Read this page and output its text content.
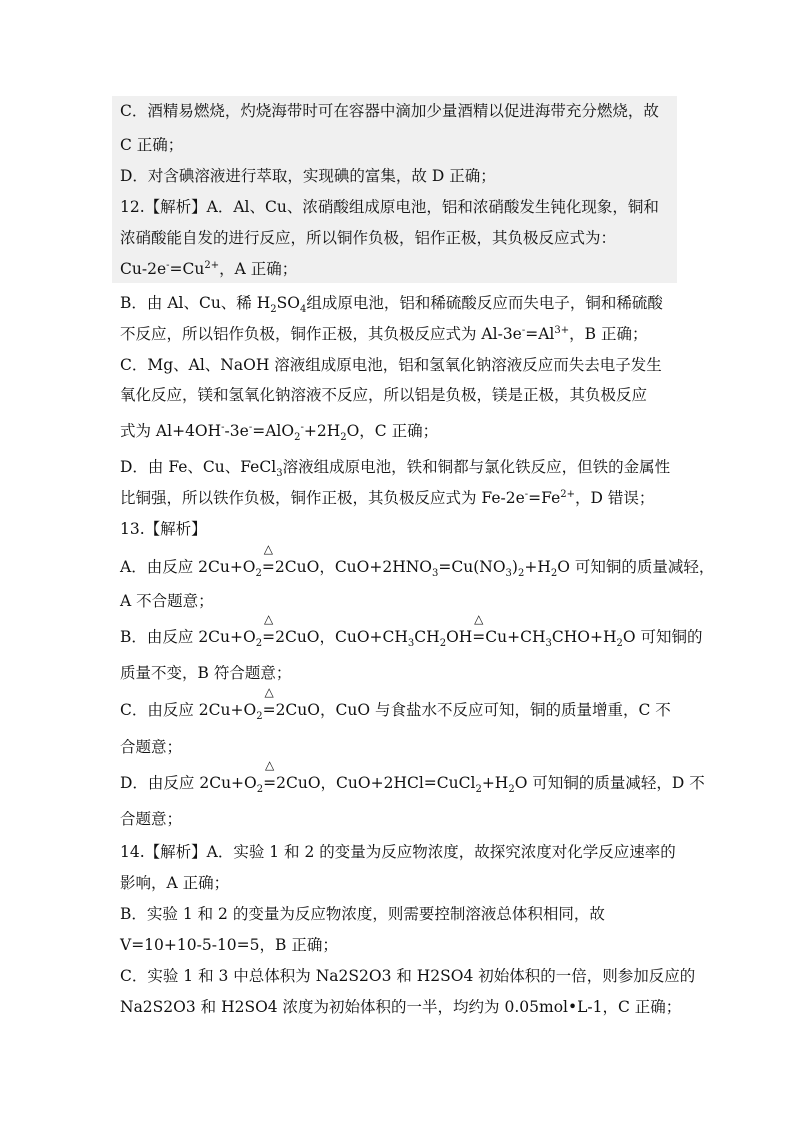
C．酒精易燃烧，灼烧海带时可在容器中滴加少量酒精以促进海带充分燃烧，故
C 正确；
D．对含碘溶液进行萃取，实现碘的富集，故 D 正确；
12.【解析】A．Al、Cu、浓硝酸组成原电池，铝和浓硝酸发生钝化现象，铜和
浓硝酸能自发的进行反应，所以铜作负极，铝作正极，其负极反应式为：
$Cu-2e^-=Cu^{2+}$，A 正确；
B．由 Al、Cu、稀 $H_2SO_4$组成原电池，铝和稀硫酸反应而失电子，铜和稀硫酸
不反应，所以铝作负极，铜作正极，其负极反应式为 $Al-3e^-=Al^{3+}$，B 正确；
C．Mg、Al、NaOH 溶液组成原电池，铝和氢氧化钠溶液反应而失去电子发生
氧化反应，镁和氢氧化钠溶液不反应，所以铝是负极，镁是正极，其负极反应
式为 $Al+4OH^--3e^-=AlO_2^-+2H_2O$，C 正确；
D．由 Fe、Cu、FeCl$_3$溶液组成原电池，铁和铜都与氯化铁反应，但铁的金属性
比铜强，所以铁作负极，铜作正极，其负极反应式为 $Fe-2e^-=Fe^{2+}$，D 错误；
13.【解析】
A．由反应 $2Cu+O_2$
△
=2CuO，$CuO+2HNO_3=Cu(NO_3)_2+H_2O$ 可知铜的质量减轻，
A 不合题意；
B．由反应 $2Cu+O_2$
△
=2CuO，$CuO+CH_3CH_2OH$
△
$=Cu+CH_3CHO+H_2O$ 可知铜的
质量不变，B 符合题意；
C．由反应 $2Cu+O_2$
△
=2CuO，CuO 与食盐水不反应可知，铜的质量增重，C 不
合题意；
D．由反应 $2Cu+O_2$
△
=2CuO，$CuO+2HCl=CuCl_2+H_2O$ 可知铜的质量减轻，D 不
合题意；
14.【解析】A．实验 1 和 2 的变量为反应物浓度，故探究浓度对化学反应速率的
影响，A 正确；
B．实验 1 和 2 的变量为反应物浓度，则需要控制溶液总体积相同，故
V=10+10-5-10=5，B 正确；
C．实验 1 和 3 中总体积为 Na2S2O3 和 H2SO4 初始体积的一倍，则参加反应的
Na2S2O3 和 H2SO4 浓度为初始体积的一半，均约为 0.05mol•L-1，C 正确；
